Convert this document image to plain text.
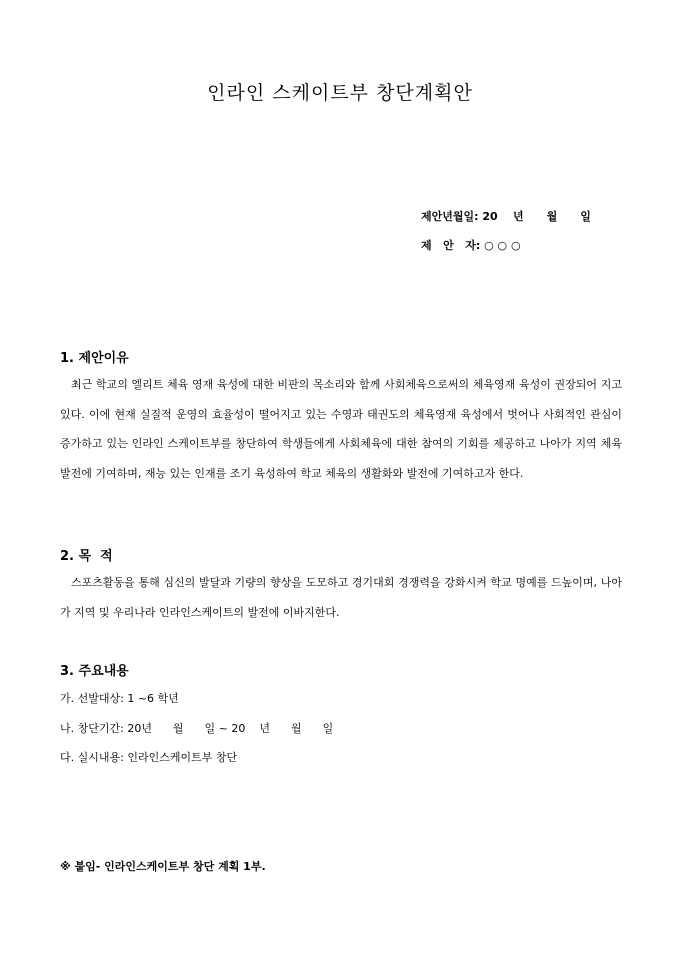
인라인 스케이트부 창단계획안
제안년월일: 20    년      월      일
제   안   자: ○ ○ ○
1. 제안이유

최근 학교의 엘리트 체육 영재 육성에 대한 비판의 목소리와 함께 사회체육으로써의 체육영재 육성이 권장되어 지고 있다. 이에 현재 실질적 운영의 효율성이 떨어지고 있는 수영과 태권도의 체육영재 육성에서 벗어나 사회적인 관심이 증가하고 있는 인라인 스케이트부를 창단하여 학생들에게 사회체육에 대한 참여의 기회를 제공하고 나아가 지역 체육발전에 기여하며, 재능 있는 인재를 조기 육성하여 학교 체육의 생활화와 발전에 기여하고자 한다.

2. 목  적

스포츠활동을 통해 심신의 발달과 기량의 향상을 도모하고 경기대회 경쟁력을 강화시켜 학교 명예를 드높이며, 나아가 지역 및 우리나라 인라인스케이트의 발전에 이바지한다.

3. 주요내용
가. 선발대상: 1 ~6 학년
나. 창단기간: 20년      월      일 ~ 20    년      월      일
다. 실시내용: 인라인스케이트부 창단
※ 붙임- 인라인스케이트부 창단 계획 1부.
